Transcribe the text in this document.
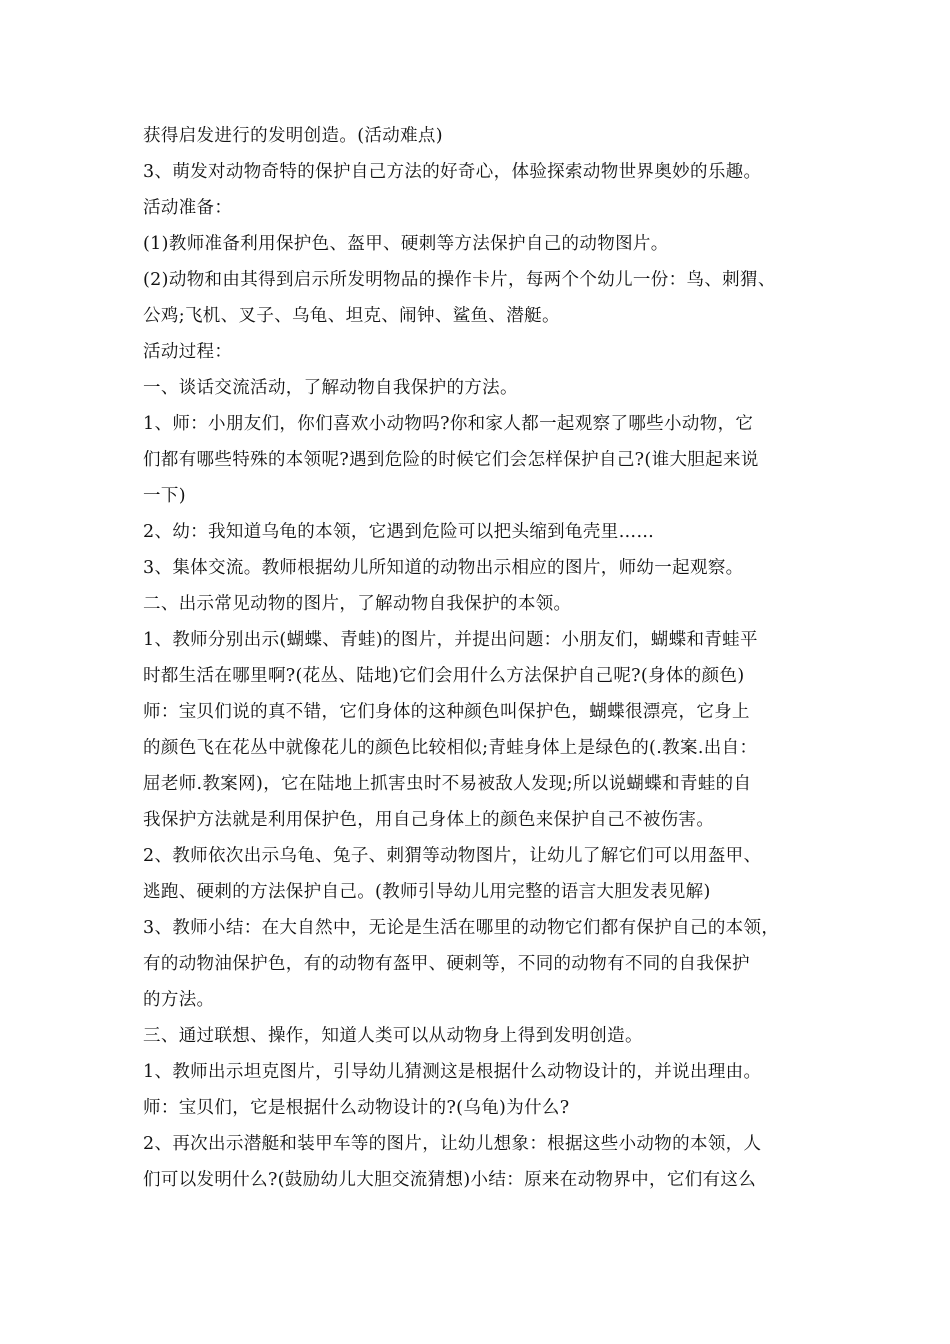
获得启发进行的发明创造。(活动难点)
3、萌发对动物奇特的保护自己方法的好奇心，体验探索动物世界奥妙的乐趣。
活动准备：
(1)教师准备利用保护色、盔甲、硬刺等方法保护自己的动物图片。
(2)动物和由其得到启示所发明物品的操作卡片，每两个个幼儿一份：鸟、刺猬、
公鸡;飞机、叉子、乌龟、坦克、闹钟、鲨鱼、潜艇。
活动过程：
一、谈话交流活动，了解动物自我保护的方法。
1、师：小朋友们，你们喜欢小动物吗?你和家人都一起观察了哪些小动物，它
们都有哪些特殊的本领呢?遇到危险的时候它们会怎样保护自己?(谁大胆起来说
一下)
2、幼：我知道乌龟的本领，它遇到危险可以把头缩到龟壳里……
3、集体交流。教师根据幼儿所知道的动物出示相应的图片，师幼一起观察。
二、出示常见动物的图片，了解动物自我保护的本领。
1、教师分别出示(蝴蝶、青蛙)的图片，并提出问题：小朋友们，蝴蝶和青蛙平
时都生活在哪里啊?(花丛、陆地)它们会用什么方法保护自己呢?(身体的颜色)
师：宝贝们说的真不错，它们身体的这种颜色叫保护色，蝴蝶很漂亮，它身上
的颜色飞在花丛中就像花儿的颜色比较相似;青蛙身体上是绿色的(.教案.出自：
屈老师.教案网)，它在陆地上抓害虫时不易被敌人发现;所以说蝴蝶和青蛙的自
我保护方法就是利用保护色，用自己身体上的颜色来保护自己不被伤害。
2、教师依次出示乌龟、兔子、刺猬等动物图片，让幼儿了解它们可以用盔甲、
逃跑、硬刺的方法保护自己。(教师引导幼儿用完整的语言大胆发表见解)
3、教师小结：在大自然中，无论是生活在哪里的动物它们都有保护自己的本领，
有的动物油保护色，有的动物有盔甲、硬刺等，不同的动物有不同的自我保护
的方法。
三、通过联想、操作，知道人类可以从动物身上得到发明创造。
1、教师出示坦克图片，引导幼儿猜测这是根据什么动物设计的，并说出理由。
师：宝贝们，它是根据什么动物设计的?(乌龟)为什么?
2、再次出示潜艇和装甲车等的图片，让幼儿想象：根据这些小动物的本领，人
们可以发明什么?(鼓励幼儿大胆交流猜想)小结：原来在动物界中，它们有这么
